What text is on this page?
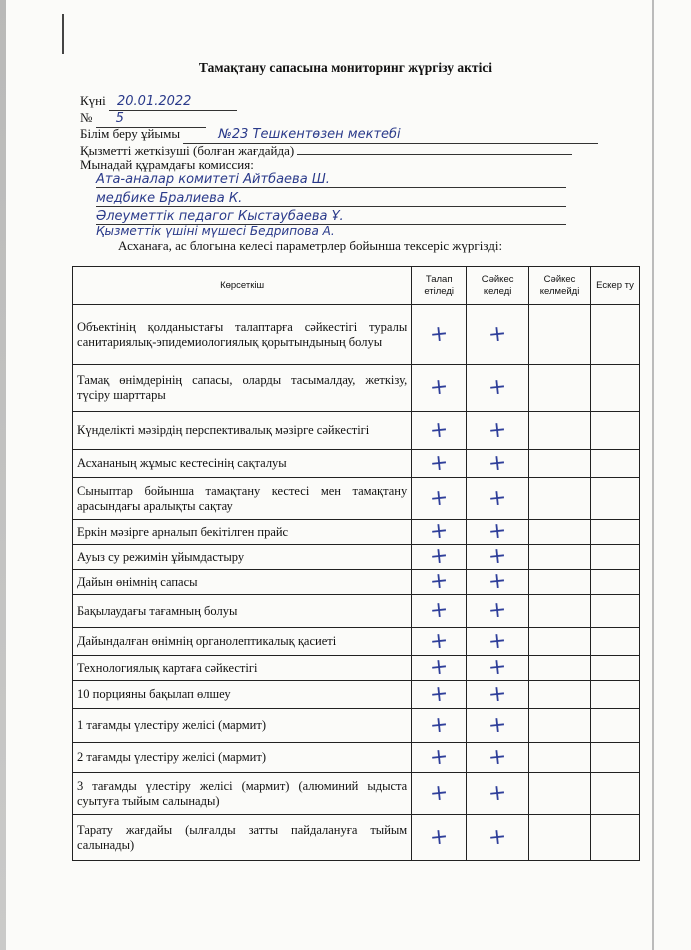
Тамақтану сапасына мониторинг жүргізу актісі
Күні 20.01.2022
№ 5
Білім беру ұйымы	№23 Тешкентөзен мектебі
Қызметті жеткізуші (болған жағдайда)
Мынадай құрамдағы комиссия:
Ата-аналар комитеті Айтбаева Ш.
медбике Бралиева К.
Әлеуметтік педагог Кыстаубаева Ұ.
Қызметтік үшіні мүшесі Бедрипова А.
Асханаға, ас блогына келесі параметрлер бойынша тексеріс жүргізді:
Көрсеткіш	Талап етіледі	Сәйкес келеді	Сәйкес келмейді	Ескер ту
Объектінің қолданыстағы талаптарға сәйкестігі туралы санитариялық-эпидемиологиялық қорытындының болуы	+	+		
Тамақ өнімдерінің сапасы, оларды тасымалдау, жеткізу, түсіру шарттары	+	+		
Күнделікті мәзірдің перспективалық мәзірге сәйкестігі	+	+		
Асхананың жұмыс кестесінің сақталуы	+	+		
Сыныптар бойынша тамақтану кестесі мен тамақтану арасындағы аралықты сақтау	+	+		
Еркін мәзірге арналып бекітілген прайс	+	+		
Ауыз су режимін ұйымдастыру	+	+		
Дайын өнімнің сапасы	+	+		
Бақылаудағы тағамның болуы	+	+		
Дайындалған өнімнің органолептикалық қасиеті	+	+		
Технологиялық картаға сәйкестігі	+	+		
10 порцияны бақылап өлшеу	+	+		
1 тағамды үлестіру желісі (мармит)	+	+		
2 тағамды үлестіру желісі (мармит)	+	+		
3 тағамды үлестіру желісі (мармит) (алюминий ыдыста суытуға тыйым салынады)	+	+		
Тарату жағдайы (ылғалды затты пайдалануға тыйым салынады)	+	+		
